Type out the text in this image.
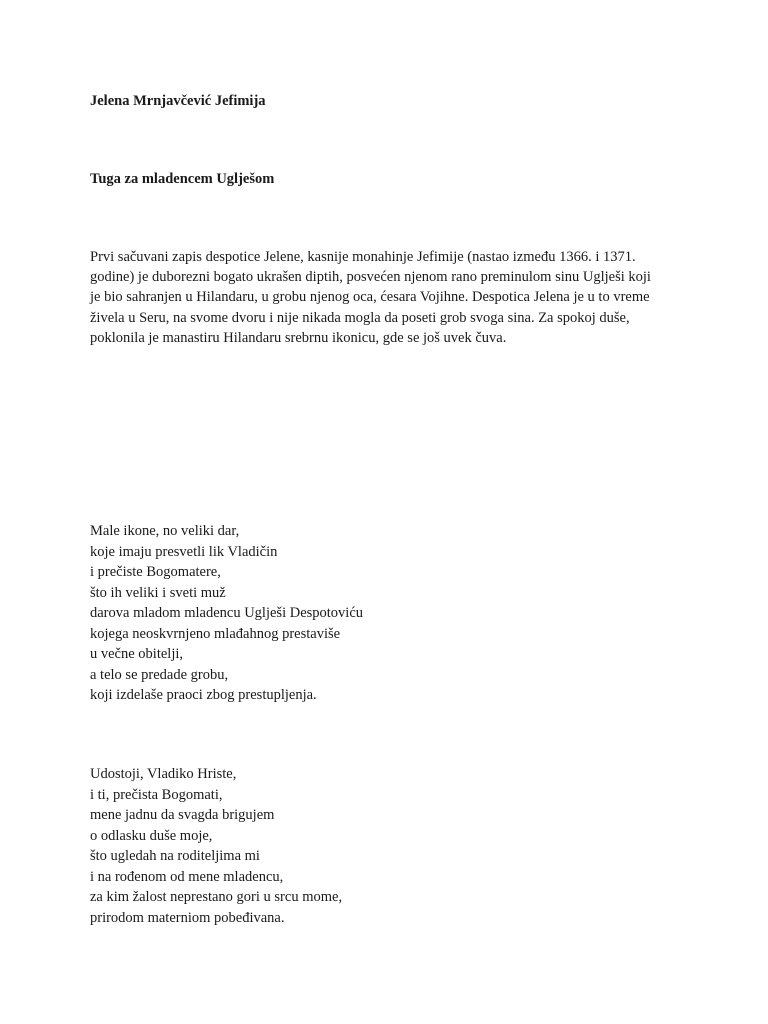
Jelena Mrnjavčević Jefimija
Tuga za mladencem Uglješom

Prvi sačuvani zapis despotice Jelene, kasnije monahinje Jefimije (nastao između 1366. i 1371.
godine) je duborezni bogato ukrašen diptih, posvećen njenom rano preminulom sinu Uglješi koji
je bio sahranjen u Hilandaru, u grobu njenog oca, ćesara Vojihne. Despotica Jelena je u to vreme
živela u Seru, na svome dvoru i nije nikada mogla da poseti grob svoga sina. Za spokoj duše,
poklonila je manastiru Hilandaru srebrnu ikonicu, gde se još uvek čuva.

Male ikone, no veliki dar,
koje imaju presvetli lik Vladičin
i prečiste Bogomatere,
što ih veliki i sveti muž
darova mladom mladencu Uglješi Despotoviću
kojega neoskvrnjeno mlađahnog prestaviše
u večne obitelji,
a telo se predade grobu,
koji izdelaše praoci zbog prestupljenja.
Udostoji, Vladiko Hriste,
i ti, prečista Bogomati,
mene jadnu da svagda brigujem
o odlasku duše moje,
što ugledah na roditeljima mi
i na rođenom od mene mladencu,
za kim žalost neprestano gori u srcu mome,
prirodom materniom pobeđivana.
